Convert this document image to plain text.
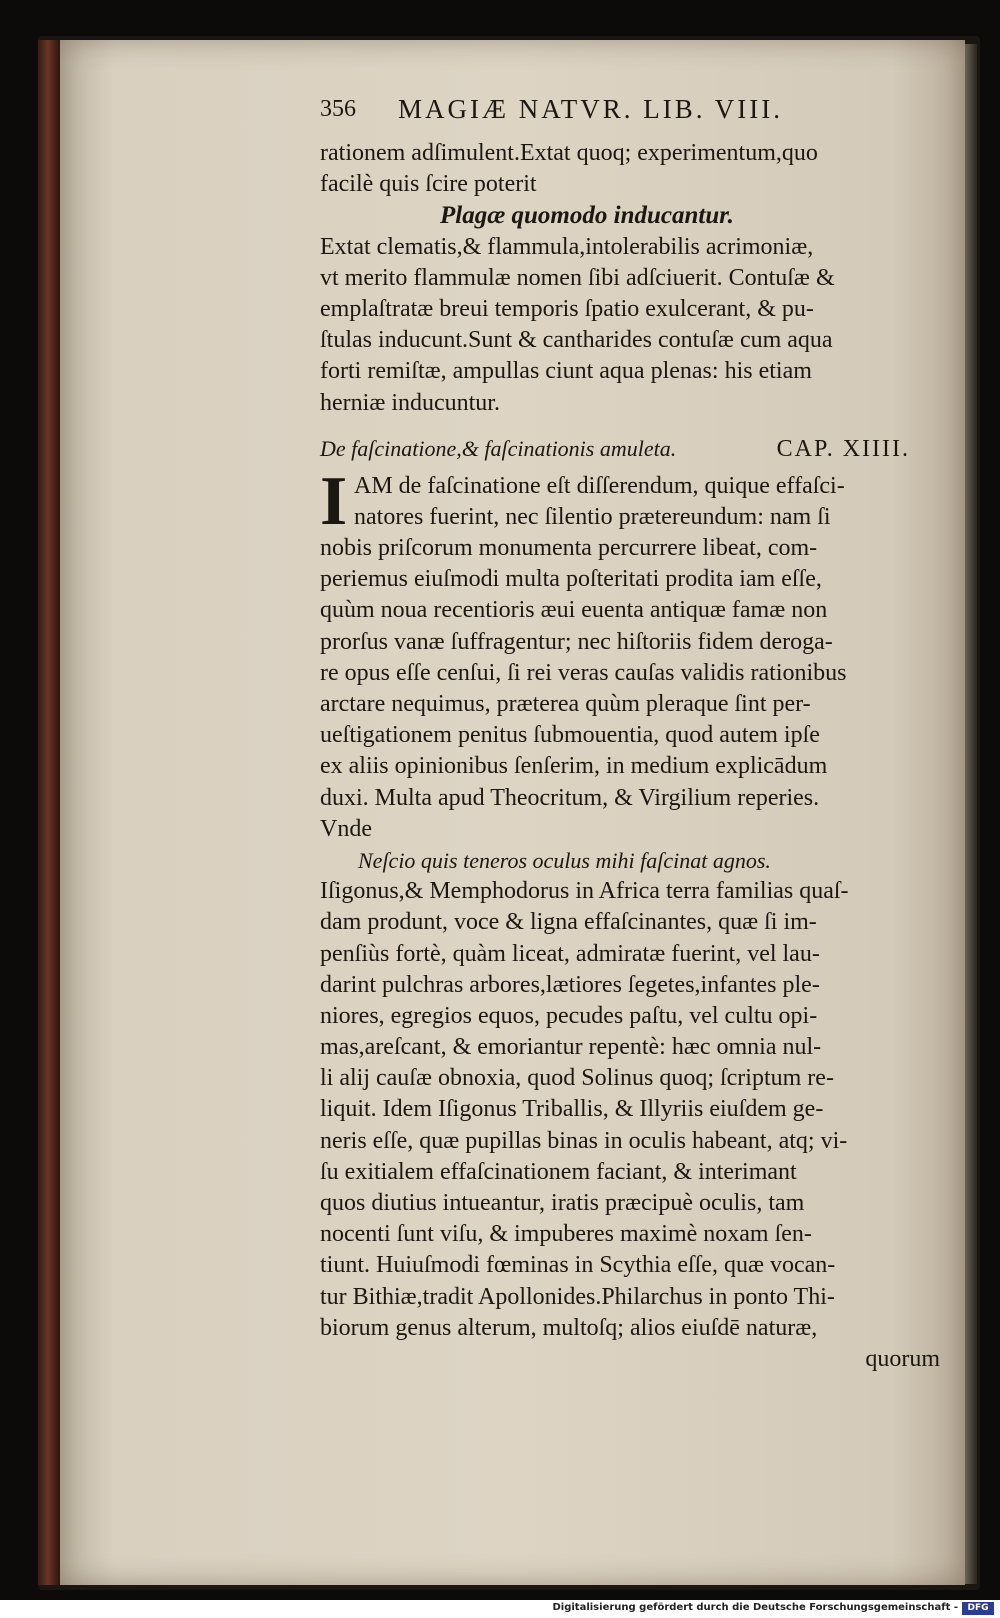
356 MAGIÆ NATVR. LIB. VIII.
rationem adſimulent.Extat quoq; experimentum,quo
facilè quis ſcire poterit
Plagæ quomodo inducantur.
Extat clematis,& flammula,intolerabilis acrimoniæ,
vt merito flammulæ nomen ſibi adſciuerit. Contuſæ &
emplaſtratæ breui temporis ſpatio exulcerant, & pu-
ſtulas inducunt.Sunt & cantharides contuſæ cum aqua
forti remiſtæ, ampullas ciunt aqua plenas: his etiam
herniæ inducuntur.
De faſcinatione,& faſcinationis amuleta.	CAP. XIIII.
I AM de faſcinatione eſt diſſerendum, quique effaſci-
natores fuerint, nec ſilentio prætereundum: nam ſi
nobis priſcorum monumenta percurrere libeat, com-
periemus eiuſmodi multa poſteritati prodita iam eſſe,
quùm noua recentioris æui euenta antiquæ famæ non
prorſus vanæ ſuffragentur; nec hiſtoriis fidem deroga-
re opus eſſe cenſui, ſi rei veras cauſas validis rationibus
arctare nequimus, præterea quùm pleraque ſint per-
ueſtigationem penitus ſubmouentia, quod autem ipſe
ex aliis opinionibus ſenſerim, in medium explicādum
duxi. Multa apud Theocritum, & Virgilium reperies.
Vnde
Neſcio quis teneros oculus mihi faſcinat agnos.
Iſigonus,& Memphodorus in Africa terra familias quaſ-
dam produnt, voce & ligna effaſcinantes, quæ ſi im-
penſiùs fortè, quàm liceat, admiratæ fuerint, vel lau-
darint pulchras arbores,lætiores ſegetes,infantes ple-
niores, egregios equos, pecudes paſtu, vel cultu opi-
mas,areſcant, & emoriantur repentè: hæc omnia nul-
li alij cauſæ obnoxia, quod Solinus quoq; ſcriptum re-
liquit. Idem Iſigonus Triballis, & Illyriis eiuſdem ge-
neris eſſe, quæ pupillas binas in oculis habeant, atq; vi-
ſu exitialem effaſcinationem faciant, & interimant
quos diutius intueantur, iratis præcipuè oculis, tam
nocenti ſunt viſu, & impuberes maximè noxam ſen-
tiunt. Huiuſmodi fœminas in Scythia eſſe, quæ vocan-
tur Bithiæ,tradit Apollonides.Philarchus in ponto Thi-
biorum genus alterum, multoſq; alios eiuſdē naturæ,
quorum
Digitalisierung gefördert durch die Deutsche Forschungsgemeinschaft -	DFG
